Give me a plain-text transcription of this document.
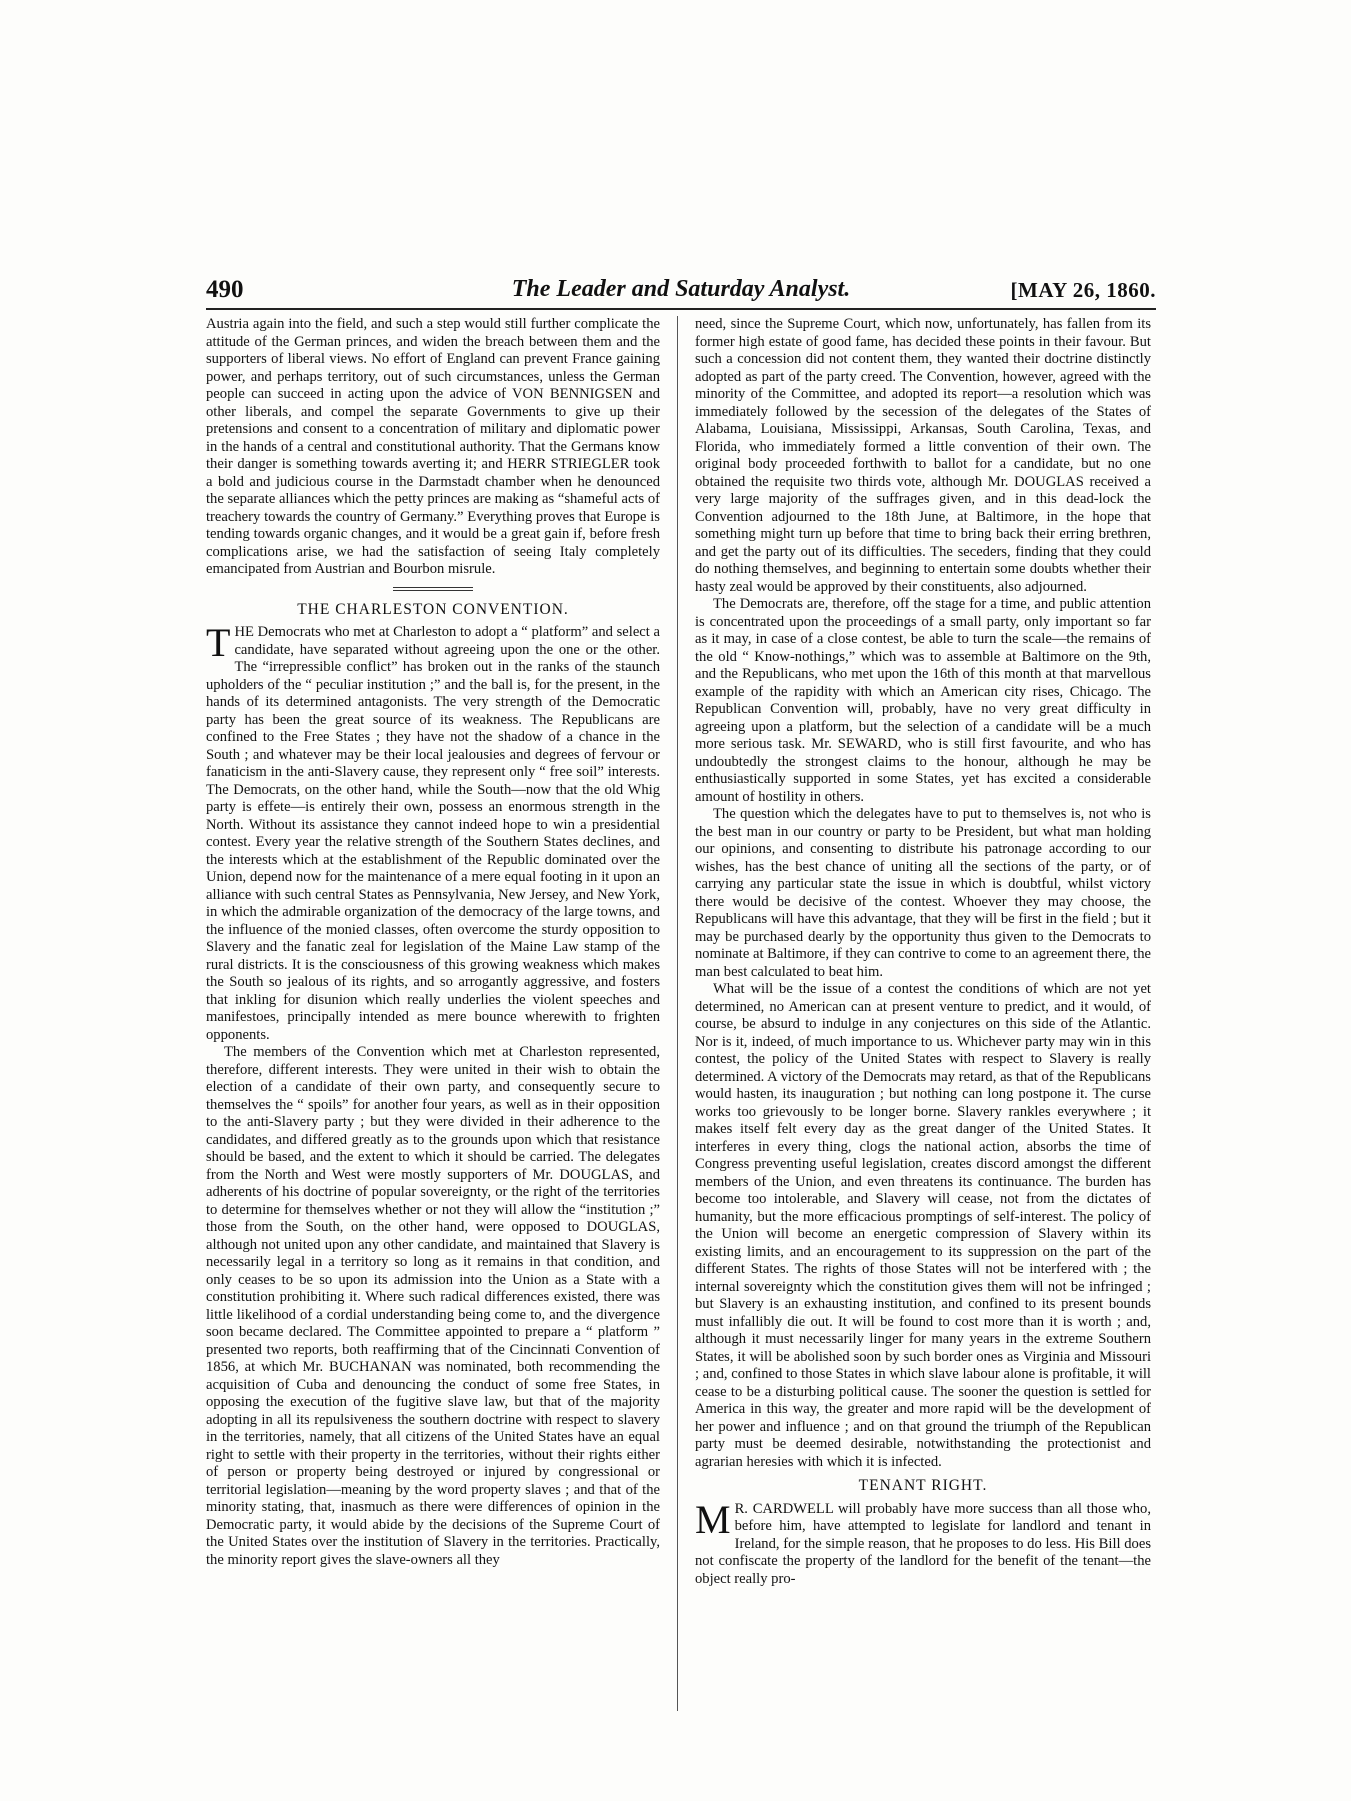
490	The Leader and Saturday Analyst.	[MAY 26, 1860.

Austria again into the field, and such a step would still further complicate the attitude of the German princes, and widen the breach between them and the supporters of liberal views. No effort of England can prevent France gaining power, and perhaps territory, out of such circumstances, unless the German people can succeed in acting upon the advice of VON BENNIGSEN and other liberals, and compel the separate Governments to give up their pretensions and consent to a concentration of military and diplomatic power in the hands of a central and constitutional authority. That the Germans know their danger is something towards averting it; and HERR STRIEGLER took a bold and judicious course in the Darmstadt chamber when he denounced the separate alliances which the petty princes are making as “shameful acts of treachery towards the country of Germany.” Everything proves that Europe is tending towards organic changes, and it would be a great gain if, before fresh complications arise, we had the satisfaction of seeing Italy completely emancipated from Austrian and Bourbon misrule.

THE CHARLESTON CONVENTION.

THE Democrats who met at Charleston to adopt a “ platform” and select a candidate, have separated without agreeing upon the one or the other. The “irrepressible conflict” has broken out in the ranks of the staunch upholders of the “ peculiar institution ;” and the ball is, for the present, in the hands of its determined antagonists. The very strength of the Democratic party has been the great source of its weakness. The Republicans are confined to the Free States ; they have not the shadow of a chance in the South ; and whatever may be their local jealousies and degrees of fervour or fanaticism in the anti-Slavery cause, they represent only “ free soil” interests. The Democrats, on the other hand, while the South—now that the old Whig party is effete—is entirely their own, possess an enormous strength in the North. Without its assistance they cannot indeed hope to win a presidential contest. Every year the relative strength of the Southern States declines, and the interests which at the establishment of the Republic dominated over the Union, depend now for the maintenance of a mere equal footing in it upon an alliance with such central States as Pennsylvania, New Jersey, and New York, in which the admirable organization of the democracy of the large towns, and the influence of the monied classes, often overcome the sturdy opposition to Slavery and the fanatic zeal for legislation of the Maine Law stamp of the rural districts. It is the consciousness of this growing weakness which makes the South so jealous of its rights, and so arrogantly aggressive, and fosters that inkling for disunion which really underlies the violent speeches and manifestoes, principally intended as mere bounce wherewith to frighten opponents.

The members of the Convention which met at Charleston represented, therefore, different interests. They were united in their wish to obtain the election of a candidate of their own party, and consequently secure to themselves the “ spoils” for another four years, as well as in their opposition to the anti-Slavery party ; but they were divided in their adherence to the candidates, and differed greatly as to the grounds upon which that resistance should be based, and the extent to which it should be carried. The delegates from the North and West were mostly supporters of Mr. DOUGLAS, and adherents of his doctrine of popular sovereignty, or the right of the territories to determine for themselves whether or not they will allow the “institution ;” those from the South, on the other hand, were opposed to DOUGLAS, although not united upon any other candidate, and maintained that Slavery is necessarily legal in a territory so long as it remains in that condition, and only ceases to be so upon its admission into the Union as a State with a constitution prohibiting it. Where such radical differences existed, there was little likelihood of a cordial understanding being come to, and the divergence soon became declared. The Committee appointed to prepare a “ platform ” presented two reports, both reaffirming that of the Cincinnati Convention of 1856, at which Mr. BUCHANAN was nominated, both recommending the acquisition of Cuba and denouncing the conduct of some free States, in opposing the execution of the fugitive slave law, but that of the majority adopting in all its repulsiveness the southern doctrine with respect to slavery in the territories, namely, that all citizens of the United States have an equal right to settle with their property in the territories, without their rights either of person or property being destroyed or injured by congressional or territorial legislation—meaning by the word property slaves ; and that of the minority stating, that, inasmuch as there were differences of opinion in the Democratic party, it would abide by the decisions of the Supreme Court of the United States over the institution of Slavery in the territories. Practically, the minority report gives the slave-owners all they

need, since the Supreme Court, which now, unfortunately, has fallen from its former high estate of good fame, has decided these points in their favour. But such a concession did not content them, they wanted their doctrine distinctly adopted as part of the party creed. The Convention, however, agreed with the minority of the Committee, and adopted its report—a resolution which was immediately followed by the secession of the delegates of the States of Alabama, Louisiana, Mississippi, Arkansas, South Carolina, Texas, and Florida, who immediately formed a little convention of their own. The original body proceeded forthwith to ballot for a candidate, but no one obtained the requisite two thirds vote, although Mr. DOUGLAS received a very large majority of the suffrages given, and in this dead-lock the Convention adjourned to the 18th June, at Baltimore, in the hope that something might turn up before that time to bring back their erring brethren, and get the party out of its difficulties. The seceders, finding that they could do nothing themselves, and beginning to entertain some doubts whether their hasty zeal would be approved by their constituents, also adjourned.

The Democrats are, therefore, off the stage for a time, and public attention is concentrated upon the proceedings of a small party, only important so far as it may, in case of a close contest, be able to turn the scale—the remains of the old “ Know-nothings,” which was to assemble at Baltimore on the 9th, and the Republicans, who met upon the 16th of this month at that marvellous example of the rapidity with which an American city rises, Chicago. The Republican Convention will, probably, have no very great difficulty in agreeing upon a platform, but the selection of a candidate will be a much more serious task. Mr. SEWARD, who is still first favourite, and who has undoubtedly the strongest claims to the honour, although he may be enthusiastically supported in some States, yet has excited a considerable amount of hostility in others.

The question which the delegates have to put to themselves is, not who is the best man in our country or party to be President, but what man holding our opinions, and consenting to distribute his patronage according to our wishes, has the best chance of uniting all the sections of the party, or of carrying any particular state the issue in which is doubtful, whilst victory there would be decisive of the contest. Whoever they may choose, the Republicans will have this advantage, that they will be first in the field ; but it may be purchased dearly by the opportunity thus given to the Democrats to nominate at Baltimore, if they can contrive to come to an agreement there, the man best calculated to beat him.

What will be the issue of a contest the conditions of which are not yet determined, no American can at present venture to predict, and it would, of course, be absurd to indulge in any conjectures on this side of the Atlantic. Nor is it, indeed, of much importance to us. Whichever party may win in this contest, the policy of the United States with respect to Slavery is really determined. A victory of the Democrats may retard, as that of the Republicans would hasten, its inauguration ; but nothing can long postpone it. The curse works too grievously to be longer borne. Slavery rankles everywhere ; it makes itself felt every day as the great danger of the United States. It interferes in every thing, clogs the national action, absorbs the time of Congress preventing useful legislation, creates discord amongst the different members of the Union, and even threatens its continuance. The burden has become too intolerable, and Slavery will cease, not from the dictates of humanity, but the more efficacious promptings of self-interest. The policy of the Union will become an energetic compression of Slavery within its existing limits, and an encouragement to its suppression on the part of the different States. The rights of those States will not be interfered with ; the internal sovereignty which the constitution gives them will not be infringed ; but Slavery is an exhausting institution, and confined to its present bounds must infallibly die out. It will be found to cost more than it is worth ; and, although it must necessarily linger for many years in the extreme Southern States, it will be abolished soon by such border ones as Virginia and Missouri ; and, confined to those States in which slave labour alone is profitable, it will cease to be a disturbing political cause. The sooner the question is settled for America in this way, the greater and more rapid will be the development of her power and influence ; and on that ground the triumph of the Republican party must be deemed desirable, notwithstanding the protectionist and agrarian heresies with which it is infected.

TENANT RIGHT.

M R. CARDWELL will probably have more success than all those who, before him, have attempted to legislate for landlord and tenant in Ireland, for the simple reason, that he proposes to do less. His Bill does not confiscate the property of the landlord for the benefit of the tenant—the object really pro-
